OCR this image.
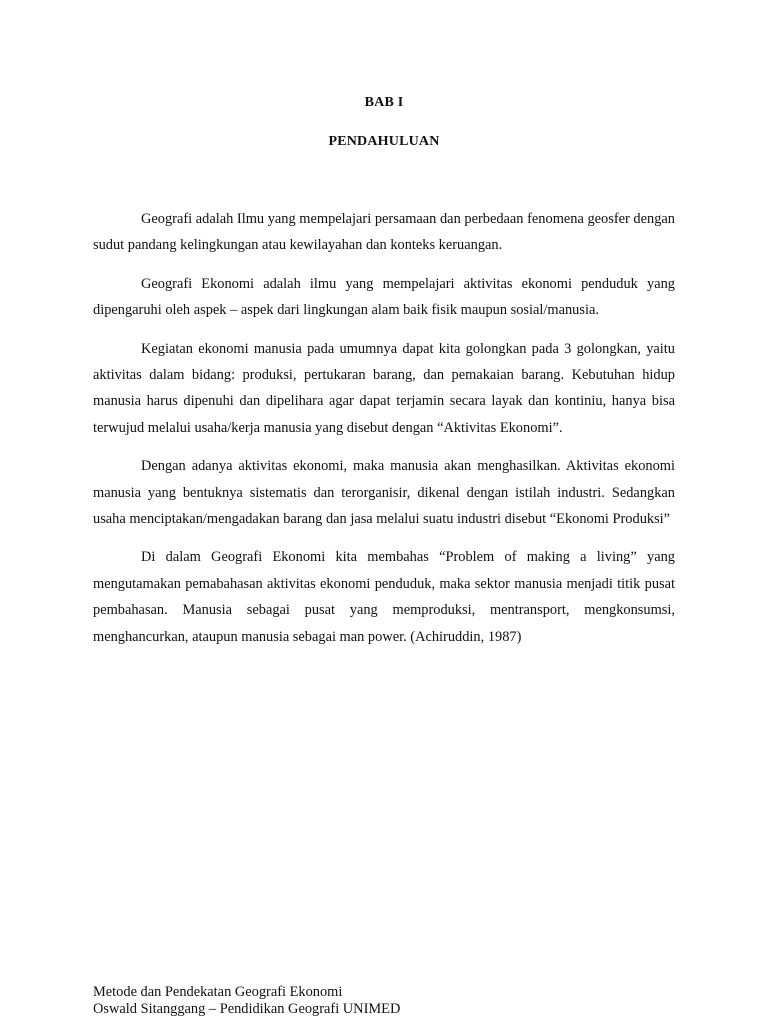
BAB I
PENDAHULUAN

Geografi adalah Ilmu yang mempelajari persamaan dan perbedaan fenomena geosfer dengan sudut pandang kelingkungan atau kewilayahan dan konteks keruangan.

Geografi Ekonomi adalah ilmu yang mempelajari aktivitas ekonomi penduduk yang dipengaruhi oleh aspek – aspek dari lingkungan alam baik fisik maupun sosial/manusia.

Kegiatan ekonomi manusia pada umumnya dapat kita golongkan pada 3 golongkan, yaitu aktivitas dalam bidang: produksi, pertukaran barang, dan pemakaian barang. Kebutuhan hidup manusia harus dipenuhi dan dipelihara agar dapat terjamin secara layak dan kontiniu, hanya bisa terwujud melalui usaha/kerja manusia yang disebut dengan “Aktivitas Ekonomi”.

Dengan adanya aktivitas ekonomi, maka manusia akan menghasilkan. Aktivitas ekonomi manusia yang bentuknya sistematis dan terorganisir, dikenal dengan istilah industri. Sedangkan usaha menciptakan/mengadakan barang dan jasa melalui suatu industri disebut “Ekonomi Produksi”

Di dalam Geografi Ekonomi kita membahas “Problem of making a living” yang mengutamakan pemabahasan aktivitas ekonomi penduduk, maka sektor manusia menjadi titik pusat pembahasan. Manusia sebagai pusat yang memproduksi, mentransport, mengkonsumsi, menghancurkan, ataupun manusia sebagai man power. (Achiruddin, 1987)

Metode dan Pendekatan Geografi Ekonomi
Oswald Sitanggang – Pendidikan Geografi UNIMED
